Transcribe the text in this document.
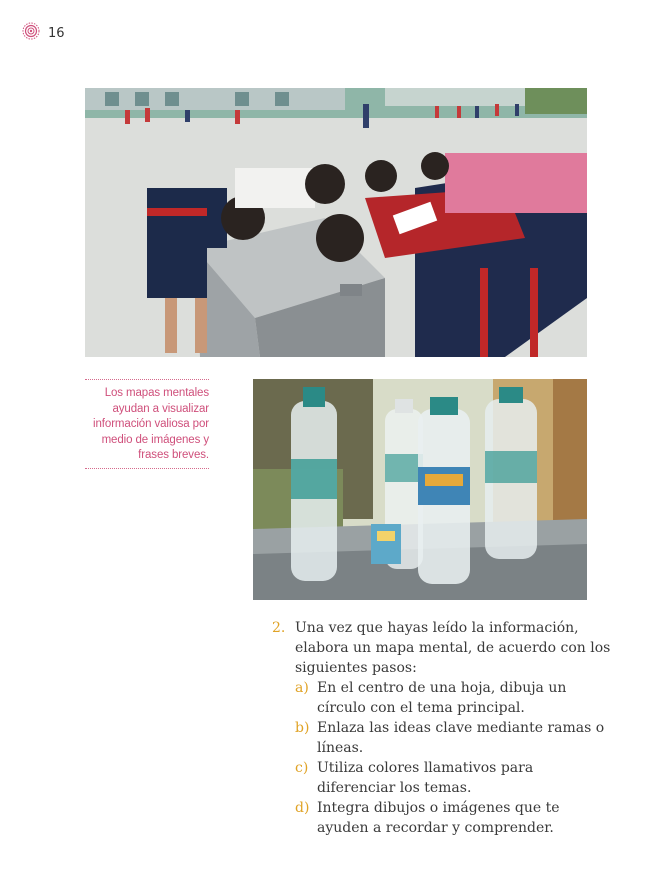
16
Los mapas mentales ayudan a visualizar información valiosa por medio de imágenes y frases breves.
2. Una vez que hayas leído la información, elabora un mapa mental, de acuerdo con los siguientes pasos:
a) En el centro de una hoja, dibuja un círculo con el tema principal.
b) Enlaza las ideas clave mediante ramas o líneas.
c) Utiliza colores llamativos para diferenciar los temas.
d) Integra dibujos o imágenes que te ayuden a recordar y comprender.
